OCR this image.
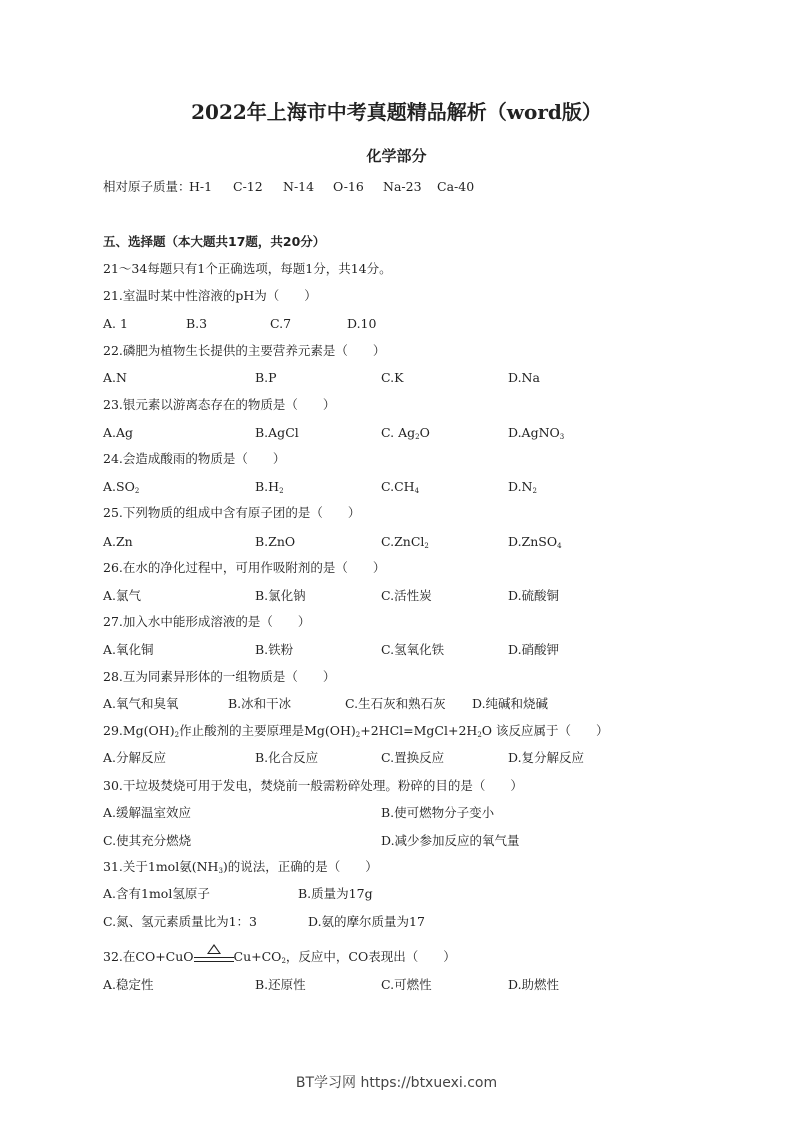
2022年上海市中考真题精品解析（word版）
化学部分
相对原子质量：
H-1 C-12 N-14 O-16 Na-23 Ca-40
五、选择题（本大题共17题，共20分）
21～34每题只有1个正确选项，每题1分，共14分。
21.室温时某中性溶液的pH为（　　）
A. 1	B.3	C.7	D.10
22.磷肥为植物生长提供的主要营养元素是（　　）
A.N	B.P	C.K	D.Na
23.银元素以游离态存在的物质是（　　）
A.Ag	B.AgCl	C. $Ag_2O$	D.AgNO$_3$
24.会造成酸雨的物质是（　　）
$A.SO_2$	$B.H_2$	$C.CH_4$	$D.N_2$
25.下列物质的组成中含有原子团的是（　　）
A.Zn	B.ZnO	C.ZnCl$_2$	D.ZnSO$_4$
26.在水的净化过程中，可用作吸附剂的是（　　）
A.氯气	B.氯化钠	C.活性炭	D.硫酸铜
27.加入水中能形成溶液的是（　　）
A.氧化铜	B.铁粉	C.氢氧化铁	D.硝酸钾
28.互为同素异形体的一组物质是（　　）
A.氧气和臭氧	B.冰和干冰	C.生石灰和熟石灰 D.纯碱和烧碱
$29.Mg(OH)_2$作止酸剂的主要原理是$Mg(OH)_2+2HCl=MgCl+2H_2O$ 该反应属于（　　）
A.分解反应	B.化合反应	C.置换反应	D.复分解反应
30.干垃圾焚烧可用于发电，焚烧前一般需粉碎处理。粉碎的目的是（　　）
A.缓解温室效应	B.使可燃物分子变小
C.使其充分燃烧	D.减少参加反应的氧气量
31.关于1mol氨$(NH_3)$的说法，正确的是（　　）
A.含有1mol氢原子	B.质量为17g
C.氮、氢元素质量比为1：3	D.氨的摩尔质量为17
32.在CO+CuO	$Cu+CO_2$，反应中，CO表现出（　　）
A.稳定性	B.还原性	C.可燃性	D.助燃性
BT学习网 https://btxuexi.com
